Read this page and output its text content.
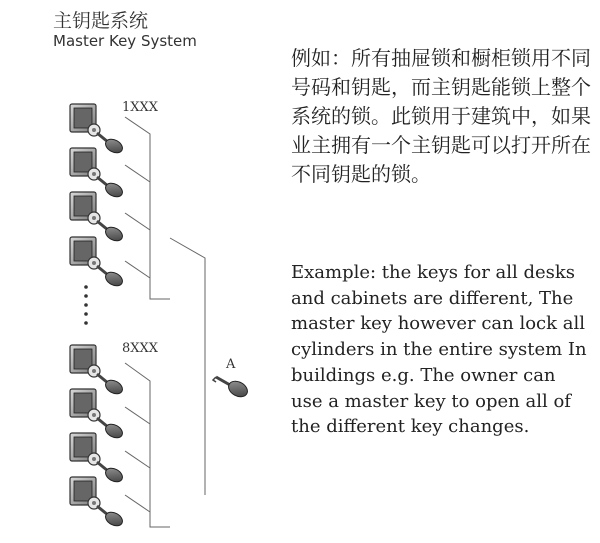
主钥匙系统
Master Key System
1XXX
8XXX
A
例如：所有抽屉锁和橱柜锁用不同号码和钥匙，而主钥匙能锁上整个系统的锁。此锁用于建筑中，如果业主拥有一个主钥匙可以打开所在不同钥匙的锁。
Example: the keys for all desks and cabinets are different, The master key however can lock all cylinders in the entire system In buildings e.g. The owner can use a master key to open all of the different key changes.
